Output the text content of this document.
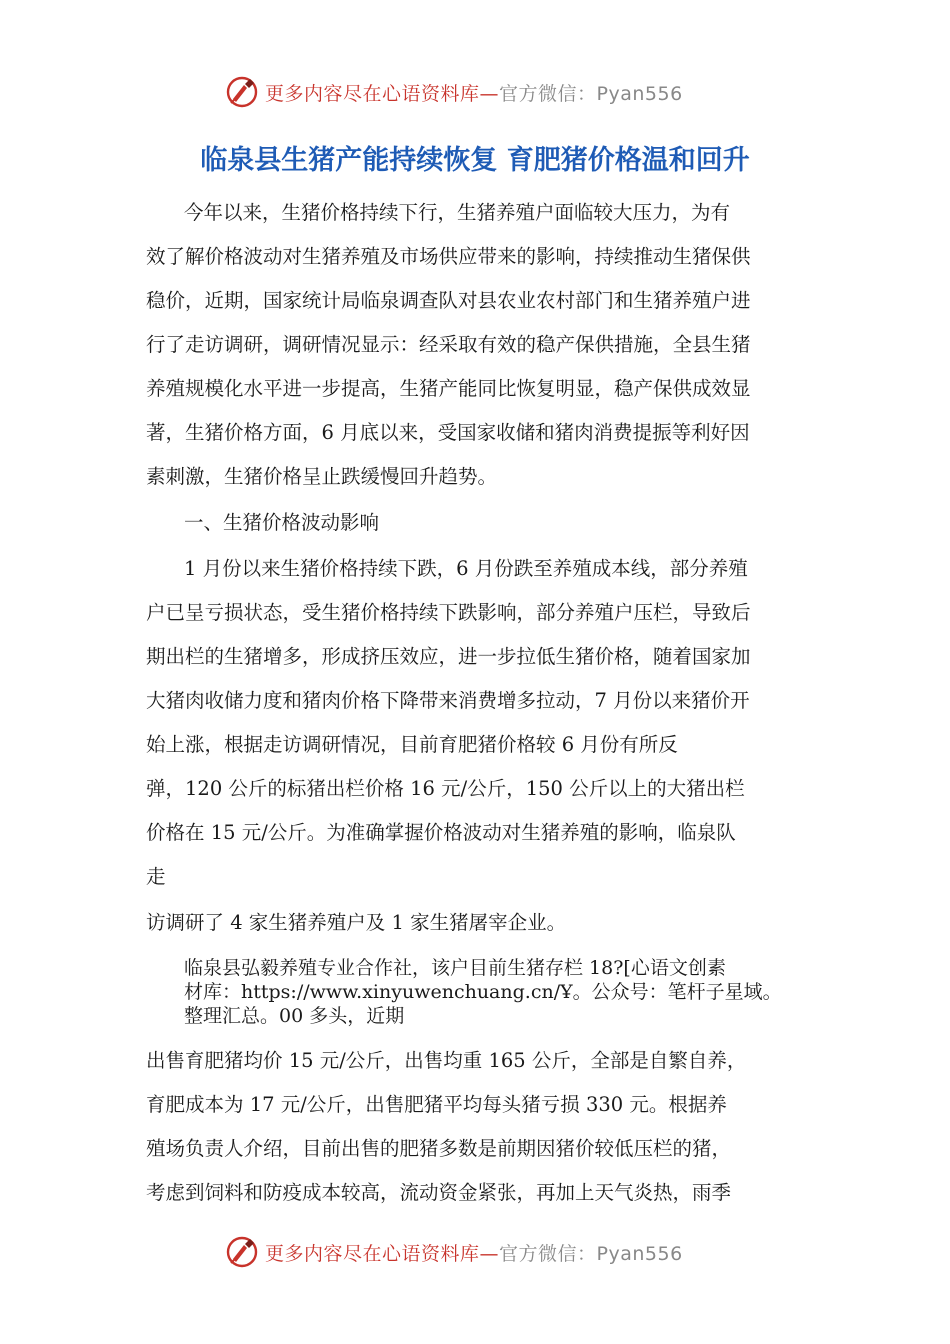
更多内容尽在心语资料库—官方微信：Pyan556
临泉县生猪产能持续恢复 育肥猪价格温和回升
今年以来，生猪价格持续下行，生猪养殖户面临较大压力，为有
效了解价格波动对生猪养殖及市场供应带来的影响，持续推动生猪保供
稳价，近期，国家统计局临泉调查队对县农业农村部门和生猪养殖户进
行了走访调研，调研情况显示：经采取有效的稳产保供措施，全县生猪
养殖规模化水平进一步提高，生猪产能同比恢复明显，稳产保供成效显
著，生猪价格方面，6 月底以来，受国家收储和猪肉消费提振等利好因
素刺激，生猪价格呈止跌缓慢回升趋势。
一、生猪价格波动影响
1 月份以来生猪价格持续下跌，6 月份跌至养殖成本线，部分养殖
户已呈亏损状态，受生猪价格持续下跌影响，部分养殖户压栏，导致后
期出栏的生猪增多，形成挤压效应，进一步拉低生猪价格，随着国家加
大猪肉收储力度和猪肉价格下降带来消费增多拉动，7 月份以来猪价开
始上涨，根据走访调研情况，目前育肥猪价格较 6 月份有所反
弹，120 公斤的标猪出栏价格 16 元/公斤，150 公斤以上的大猪出栏
价格在 15 元/公斤。为准确掌握价格波动对生猪养殖的影响，临泉队
走
访调研了 4 家生猪养殖户及 1 家生猪屠宰企业。
临泉县弘毅养殖专业合作社，该户目前生猪存栏 18?[心语文创素
材库：https://www.xinyuwenchuang.cn/Ұ。公众号：笔杆子星域。
整理汇总。00 多头，近期
出售育肥猪均价 15 元/公斤，出售均重 165 公斤，全部是自繁自养，
育肥成本为 17 元/公斤，出售肥猪平均每头猪亏损 330 元。根据养
殖场负责人介绍，目前出售的肥猪多数是前期因猪价较低压栏的猪，
考虑到饲料和防疫成本较高，流动资金紧张，再加上天气炎热，雨季
更多内容尽在心语资料库—官方微信：Pyan556
